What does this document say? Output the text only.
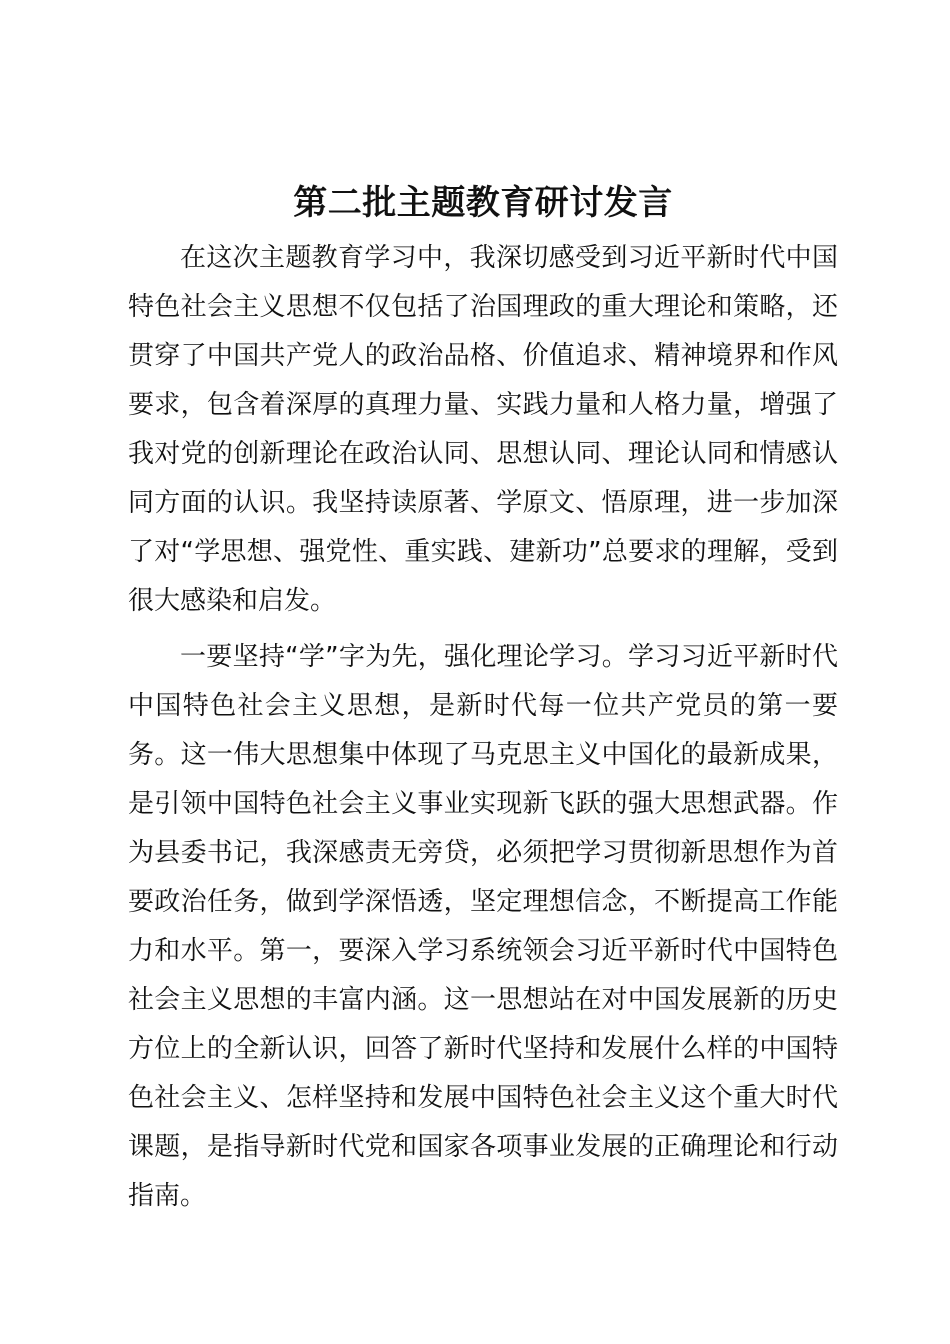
第二批主题教育研讨发言

在这次主题教育学习中，我深切感受到习近平新时代中国特色社会主义思想不仅包括了治国理政的重大理论和策略，还贯穿了中国共产党人的政治品格、价值追求、精神境界和作风要求，包含着深厚的真理力量、实践力量和人格力量，增强了我对党的创新理论在政治认同、思想认同、理论认同和情感认同方面的认识。我坚持读原著、学原文、悟原理，进一步加深了对“学思想、强党性、重实践、建新功”总要求的理解，受到很大感染和启发。

一要坚持“学”字为先，强化理论学习。学习习近平新时代中国特色社会主义思想，是新时代每一位共产党员的第一要务。这一伟大思想集中体现了马克思主义中国化的最新成果，是引领中国特色社会主义事业实现新飞跃的强大思想武器。作为县委书记，我深感责无旁贷，必须把学习贯彻新思想作为首要政治任务，做到学深悟透，坚定理想信念，不断提高工作能力和水平。第一，要深入学习系统领会习近平新时代中国特色社会主义思想的丰富内涵。这一思想站在对中国发展新的历史方位上的全新认识，回答了新时代坚持和发展什么样的中国特色社会主义、怎样坚持和发展中国特色社会主义这个重大时代课题，是指导新时代党和国家各项事业发展的正确理论和行动指南。
